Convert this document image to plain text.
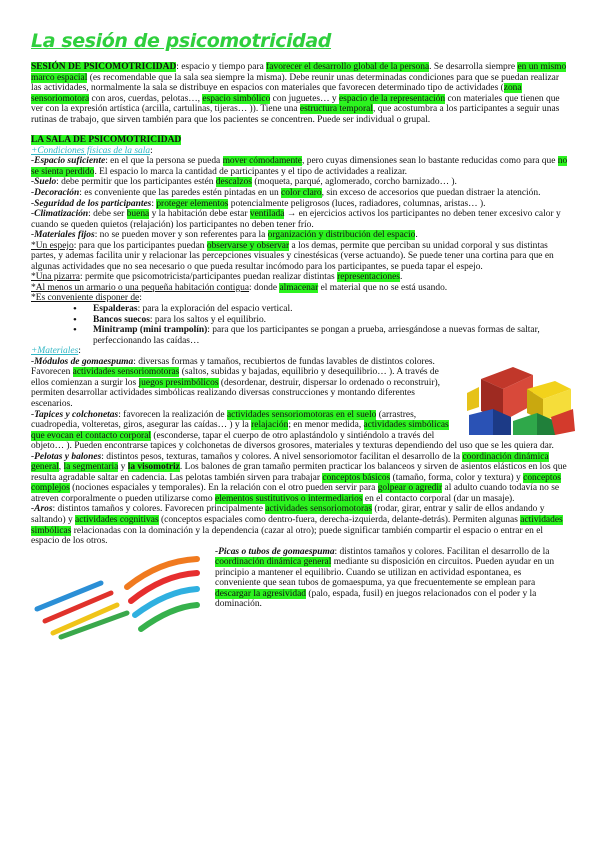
La sesión de psicomotricidad

SESIÓN DE PSICOMOTRICIDAD: espacio y tiempo para favorecer el desarrollo global de la persona. Se desarrolla siempre en un mismo marco espacial (es recomendable que la sala sea siempre la misma). Debe reunir unas determinadas condiciones para que se puedan realizar las actividades, normalmente la sala se distribuye en espacios con materiales que favorecen determinado tipo de actividades (zona sensoriomotora con aros, cuerdas, pelotas…, espacio simbólico con juguetes… y espacio de la representación con materiales que tienen que ver con la expresión artística (arcilla, cartulinas, tijeras… )). Tiene una estructura temporal, que acostumbra a los participantes a seguir unas rutinas de trabajo, que sirven también para que los pacientes se concentren. Puede ser individual o grupal.

LA SALA DE PSICOMOTRICIDAD

+Condiciones físicas de la sala:

-Espacio suficiente: en el que la persona se pueda mover cómodamente, pero cuyas dimensiones sean lo bastante reducidas como para que no se sienta perdido. El espacio lo marca la cantidad de participantes y el tipo de actividades a realizar.

-Suelo: debe permitir que los participantes estén descalzos (moqueta, parqué, aglomerado, corcho barnizado… ).

-Decoración: es conveniente que las paredes estén pintadas en un color claro, sin exceso de accesorios que puedan distraer la atención.

-Seguridad de los participantes: proteger elementos potencialmente peligrosos (luces, radiadores, columnas, aristas… ).

-Climatización: debe ser buena y la habitación debe estar ventilada → en ejercicios activos los participantes no deben tener excesivo calor y cuando se queden quietos (relajación) los participantes no deben tener frío.

-Materiales fijos: no se pueden mover y son referentes para la organización y distribución del espacio.

*Un espejo: para que los participantes puedan observarse y observar a los demas, permite que perciban su unidad corporal y sus distintas partes, y ademas facilita unir y relacionar las percepciones visuales y cinestésicas (verse actuando). Se puede tener una cortina para que en algunas actividades que no sea necesario o que pueda resultar incómodo para los participantes, se pueda tapar el espejo.

*Una pizarra: permite que psicomotricista/participantes puedan realizar distintas representaciones.

*Al menos un armario o una pequeña habitación contigua: donde almacenar el material que no se está usando.

*Es conveniente disponer de:

• Espalderas: para la exploración del espacio vertical.
• Bancos suecos: para los saltos y el equilibrio.
• Minitramp (mini trampolín): para que los participantes se pongan a prueba, arriesgándose a nuevas formas de saltar, perfeccionando las caídas…

+Materiales:

-Módulos de gomaespuma: diversas formas y tamaños, recubiertos de fundas lavables de distintos colores. Favorecen actividades sensoriomotoras (saltos, subidas y bajadas, equilibrio y desequilibrio… ). A través de ellos comienzan a surgir los juegos presimbólicos (desordenar, destruir, dispersar lo ordenado o reconstruir), permiten desarrollar actividades simbólicas realizando diversas construcciones y montando diferentes escenarios.

-Tapices y colchonetas: favorecen la realización de actividades sensoriomotoras en el suelo (arrastres, cuadropedia, volteretas, giros, asegurar las caídas… ) y la relajación; en menor medida, actividades simbólicas que evocan el contacto corporal (esconderse, tapar el cuerpo de otro aplastándolo y sintiéndolo a través del objeto… ). Pueden encontrarse tapices y colchonetas de diversos grosores, materiales y texturas dependiendo del uso que se les quiera dar.

-Pelotas y balones: distintos pesos, texturas, tamaños y colores. A nivel sensoriomotor facilitan el desarrollo de la coordinación dinámica general, la segmentaria y la visomotriz. Los balones de gran tamaño permiten practicar los balanceos y sirven de asientos elásticos en los que resulta agradable saltar en cadencia. Las pelotas también sirven para trabajar conceptos básicos (tamaño, forma, color y textura) y conceptos complejos (nociones espaciales y temporales). En la relación con el otro pueden servir para golpear o agredir al adulto cuando todavía no se atreven corporalmente o pueden utilizarse como elementos sustitutivos o intermediarios en el contacto corporal (dar un masaje).

-Aros: distintos tamaños y colores. Favorecen principalmente actividades sensoriomotoras (rodar, girar, entrar y salir de ellos andando y saltando) y actividades cognitivas (conceptos espaciales como dentro-fuera, derecha-izquierda, delante-detrás). Permiten algunas actividades simbólicas relacionadas con la dominación y la dependencia (cazar al otro); puede significar también compartir el espacio o entrar en el espacio de los otros.

-Picas o tubos de gomaespuma: distintos tamaños y colores. Facilitan el desarrollo de la coordinación dinámica general mediante su disposición en circuitos. Pueden ayudar en un principio a mantener el equilibrio. Cuando se utilizan en actividad espontanea, es conveniente que sean tubos de gomaespuma, ya que frecuentemente se emplean para descargar la agresividad (palo, espada, fusil) en juegos relacionados con el poder y la dominación.
